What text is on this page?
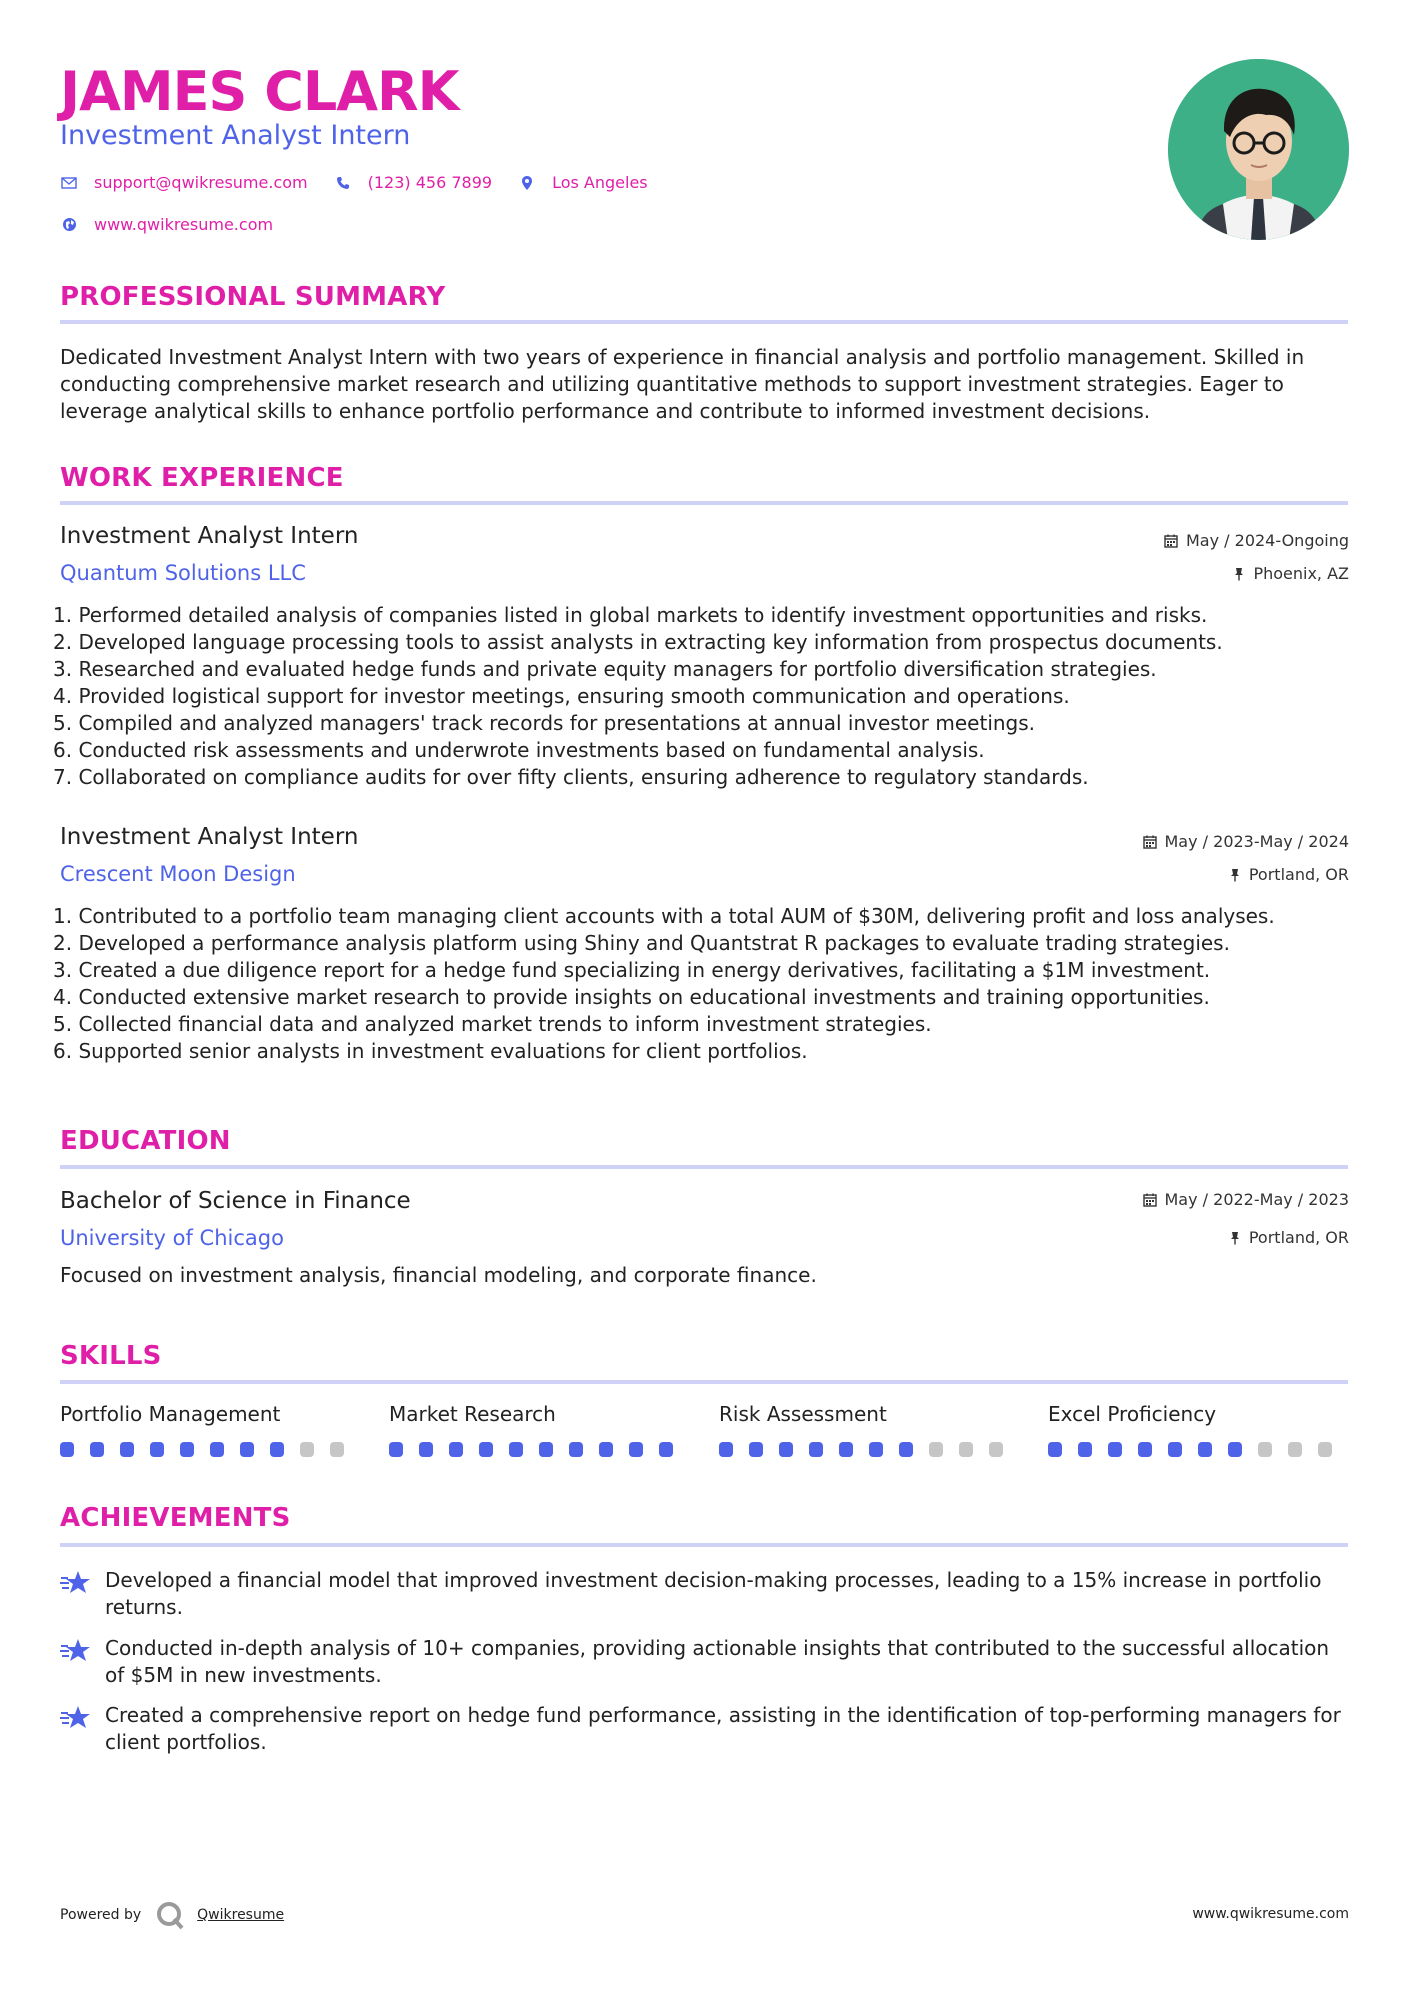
JAMES CLARK
Investment Analyst Intern
support@qwikresume.com	(123) 456 7899	Los Angeles
www.qwikresume.com
PROFESSIONAL SUMMARY
Dedicated Investment Analyst Intern with two years of experience in financial analysis and portfolio management. Skilled in conducting comprehensive market research and utilizing quantitative methods to support investment strategies. Eager to leverage analytical skills to enhance portfolio performance and contribute to informed investment decisions.
WORK EXPERIENCE
Investment Analyst Intern
Quantum Solutions LLC
May / 2024-Ongoing
Phoenix, AZ
1. Performed detailed analysis of companies listed in global markets to identify investment opportunities and risks.
2. Developed language processing tools to assist analysts in extracting key information from prospectus documents.
3. Researched and evaluated hedge funds and private equity managers for portfolio diversification strategies.
4. Provided logistical support for investor meetings, ensuring smooth communication and operations.
5. Compiled and analyzed managers' track records for presentations at annual investor meetings.
6. Conducted risk assessments and underwrote investments based on fundamental analysis.
7. Collaborated on compliance audits for over fifty clients, ensuring adherence to regulatory standards.
Investment Analyst Intern
Crescent Moon Design
May / 2023-May / 2024
Portland, OR
1. Contributed to a portfolio team managing client accounts with a total AUM of $30M, delivering profit and loss analyses.
2. Developed a performance analysis platform using Shiny and Quantstrat R packages to evaluate trading strategies.
3. Created a due diligence report for a hedge fund specializing in energy derivatives, facilitating a $1M investment.
4. Conducted extensive market research to provide insights on educational investments and training opportunities.
5. Collected financial data and analyzed market trends to inform investment strategies.
6. Supported senior analysts in investment evaluations for client portfolios.
EDUCATION
Bachelor of Science in Finance
University of Chicago
May / 2022-May / 2023
Portland, OR
Focused on investment analysis, financial modeling, and corporate finance.
SKILLS
Portfolio Management	Market Research	Risk Assessment	Excel Proficiency
ACHIEVEMENTS
Developed a financial model that improved investment decision-making processes, leading to a 15% increase in portfolio returns.
Conducted in-depth analysis of 10+ companies, providing actionable insights that contributed to the successful allocation of $5M in new investments.
Created a comprehensive report on hedge fund performance, assisting in the identification of top-performing managers for client portfolios.
Powered by	Qwikresume	www.qwikresume.com
